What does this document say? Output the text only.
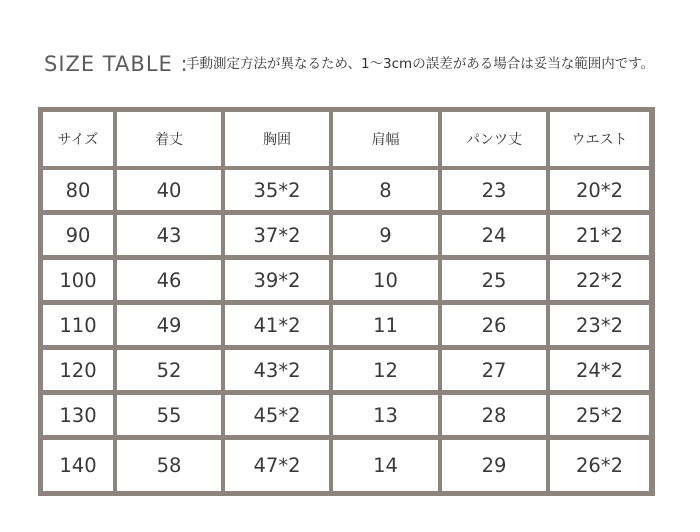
SIZE TABLE :
手動測定方法が異なるため、1～3cmの誤差がある場合は妥当な範囲内です。
サイズ	着丈	胸囲	肩幅	パンツ丈	ウエスト
80	40	35*2	8	23	20*2
90	43	37*2	9	24	21*2
100	46	39*2	10	25	22*2
110	49	41*2	11	26	23*2
120	52	43*2	12	27	24*2
130	55	45*2	13	28	25*2
140	58	47*2	14	29	26*2
